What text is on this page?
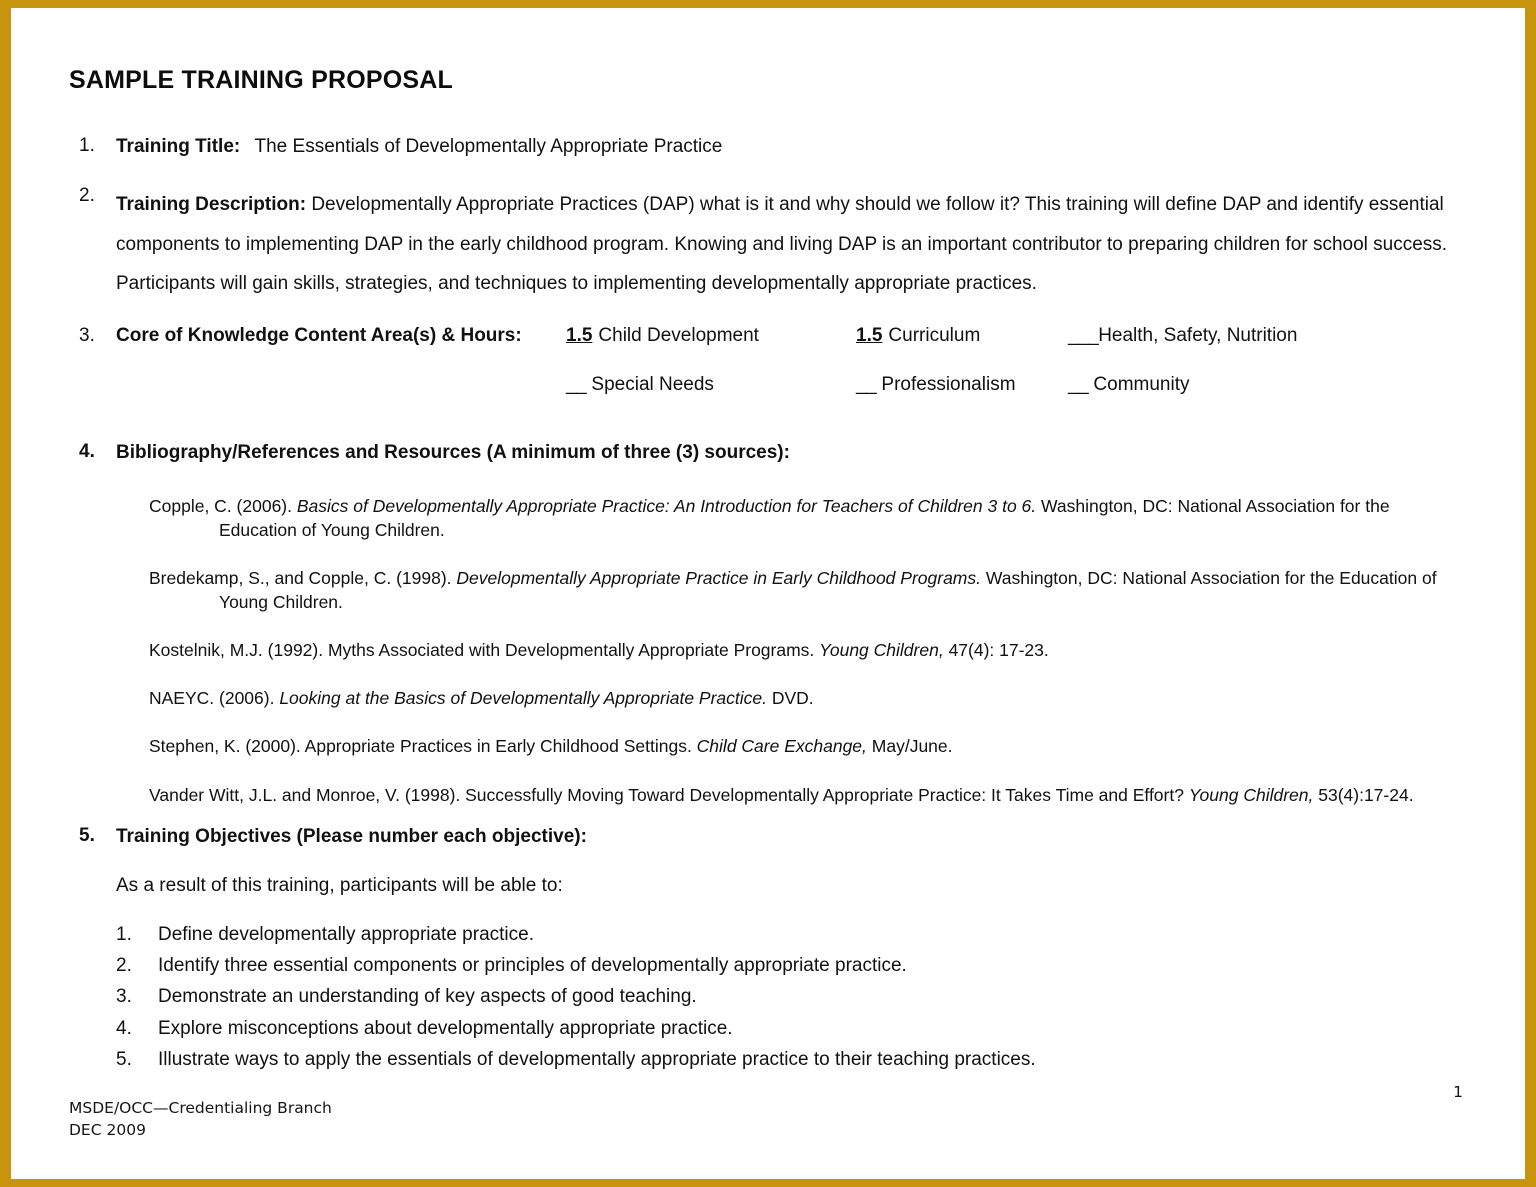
SAMPLE TRAINING PROPOSAL
1. Training Title: The Essentials of Developmentally Appropriate Practice
2. Training Description: Developmentally Appropriate Practices (DAP) what is it and why should we follow it? This training will define DAP and identify essential components to implementing DAP in the early childhood program. Knowing and living DAP is an important contributor to preparing children for school success. Participants will gain skills, strategies, and techniques to implementing developmentally appropriate practices.
3. Core of Knowledge Content Area(s) & Hours: 1.5 Child Development	1.5 Curriculum	___Health, Safety, Nutrition
__ Special Needs	__ Professionalism	__ Community
4. Bibliography/References and Resources (A minimum of three (3) sources):
Copple, C. (2006). Basics of Developmentally Appropriate Practice: An Introduction for Teachers of Children 3 to 6. Washington, DC: National Association for the Education of Young Children.
Bredekamp, S., and Copple, C. (1998). Developmentally Appropriate Practice in Early Childhood Programs. Washington, DC: National Association for the Education of Young Children.
Kostelnik, M.J. (1992). Myths Associated with Developmentally Appropriate Programs. Young Children, 47(4): 17-23.
NAEYC. (2006). Looking at the Basics of Developmentally Appropriate Practice. DVD.
Stephen, K. (2000). Appropriate Practices in Early Childhood Settings. Child Care Exchange, May/June.
Vander Witt, J.L. and Monroe, V. (1998). Successfully Moving Toward Developmentally Appropriate Practice: It Takes Time and Effort? Young Children, 53(4):17-24.
5. Training Objectives (Please number each objective):
As a result of this training, participants will be able to:
1. Define developmentally appropriate practice.
2. Identify three essential components or principles of developmentally appropriate practice.
3. Demonstrate an understanding of key aspects of good teaching.
4. Explore misconceptions about developmentally appropriate practice.
5. Illustrate ways to apply the essentials of developmentally appropriate practice to their teaching practices.
1
MSDE/OCC—Credentialing Branch
DEC 2009
